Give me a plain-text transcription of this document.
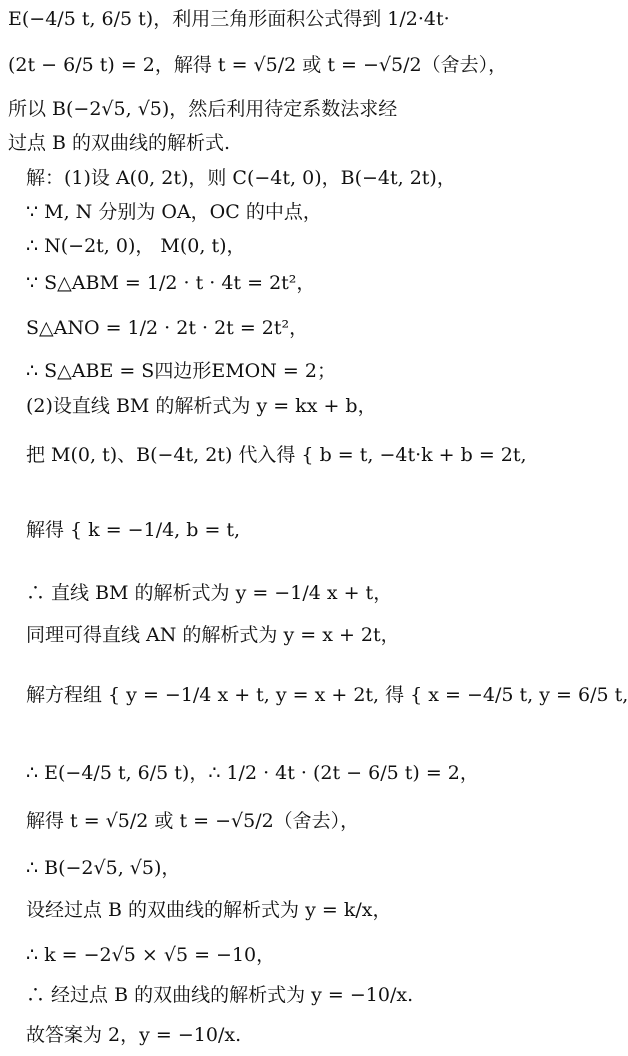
E(−4/5 t, 6/5 t)，利用三角形面积公式得到 1/2·4t·
(2t − 6/5 t) = 2，解得 t = √5/2 或 t = −√5/2（舍去），
所以 B(−2√5, √5)，然后利用待定系数法求经
过点 B 的双曲线的解析式.
解：(1)设 A(0, 2t)，则 C(−4t, 0)，B(−4t, 2t)，
∵ M, N 分别为 OA，OC 的中点，
∴ N(−2t, 0)， M(0, t)，
∵ S△ABM = 1/2 · t · 4t = 2t²，
S△ANO = 1/2 · 2t · 2t = 2t²，
∴ S△ABE = S四边形EMON = 2；
(2)设直线 BM 的解析式为 y = kx + b，
把 M(0, t)、B(−4t, 2t) 代入得 { b = t, −4t·k + b = 2t,
解得 { k = −1/4, b = t,
∴ 直线 BM 的解析式为 y = −1/4 x + t，
同理可得直线 AN 的解析式为 y = x + 2t，
解方程组 { y = −1/4 x + t, y = x + 2t, 得 { x = −4/5 t, y = 6/5 t,
∴ E(−4/5 t, 6/5 t)，∴ 1/2 · 4t · (2t − 6/5 t) = 2，
解得 t = √5/2 或 t = −√5/2（舍去），
∴ B(−2√5, √5)，
设经过点 B 的双曲线的解析式为 y = k/x，
∴ k = −2√5 × √5 = −10，
∴ 经过点 B 的双曲线的解析式为 y = −10/x.
故答案为 2，y = −10/x.
